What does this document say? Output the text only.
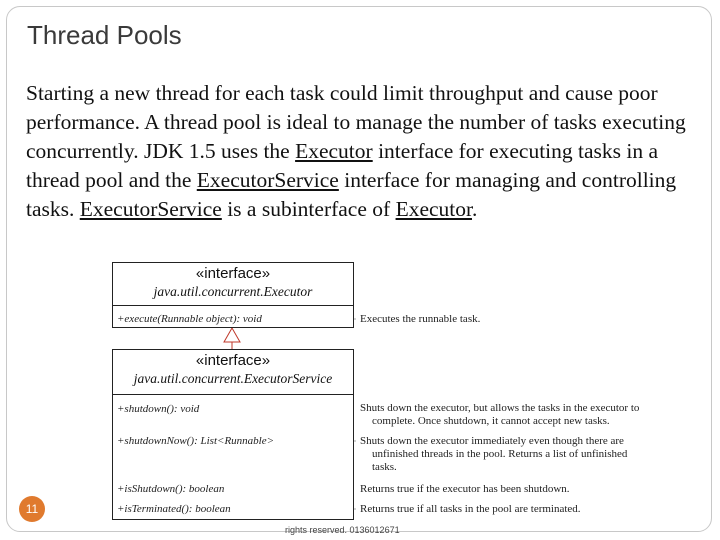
Thread Pools

Starting a new thread for each task could limit throughput and cause poor performance. A thread pool is ideal to manage the number of tasks executing concurrently. JDK 1.5 uses the Executor interface for executing tasks in a thread pool and the ExecutorService interface for managing and controlling tasks. ExecutorService is a subinterface of Executor.

«interface»
java.util.concurrent.Executor
+execute(Runnable object): void
«interface»
java.util.concurrent.ExecutorService
+shutdown(): void
+shutdownNow(): List<Runnable>
+isShutdown(): boolean
+isTerminated(): boolean
Executes the runnable task.
Shuts down the executor, but allows the tasks in the executor to
complete. Once shutdown, it cannot accept new tasks.
Shuts down the executor immediately even though there are
unfinished threads in the pool. Returns a list of unfinished
tasks.
Returns true if the executor has been shutdown.
Returns true if all tasks in the pool are terminated.
11
rights reserved. 0136012671
